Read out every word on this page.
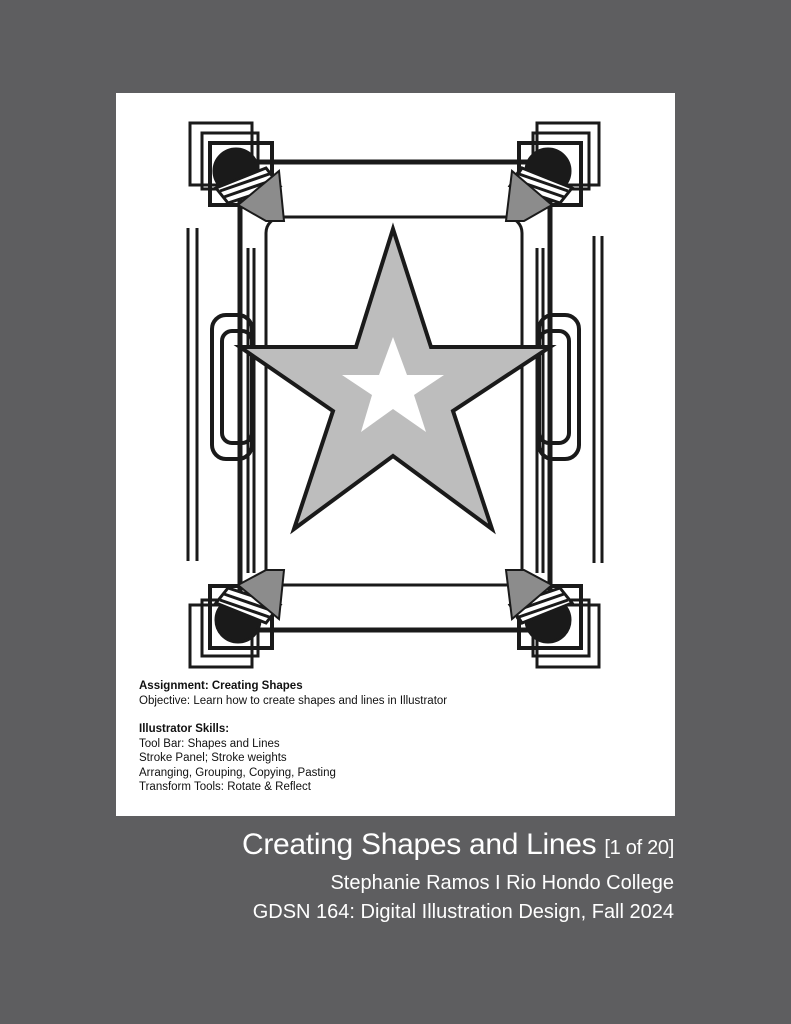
Assignment: Creating Shapes
Objective: Learn how to create shapes and lines in Illustrator
Illustrator Skills:
Tool Bar: Shapes and Lines
Stroke Panel; Stroke weights
Arranging, Grouping, Copying, Pasting
Transform Tools: Rotate & Reflect
Creating Shapes and Lines [1 of 20]
Stephanie Ramos I Rio Hondo College
GDSN 164: Digital Illustration Design, Fall 2024
